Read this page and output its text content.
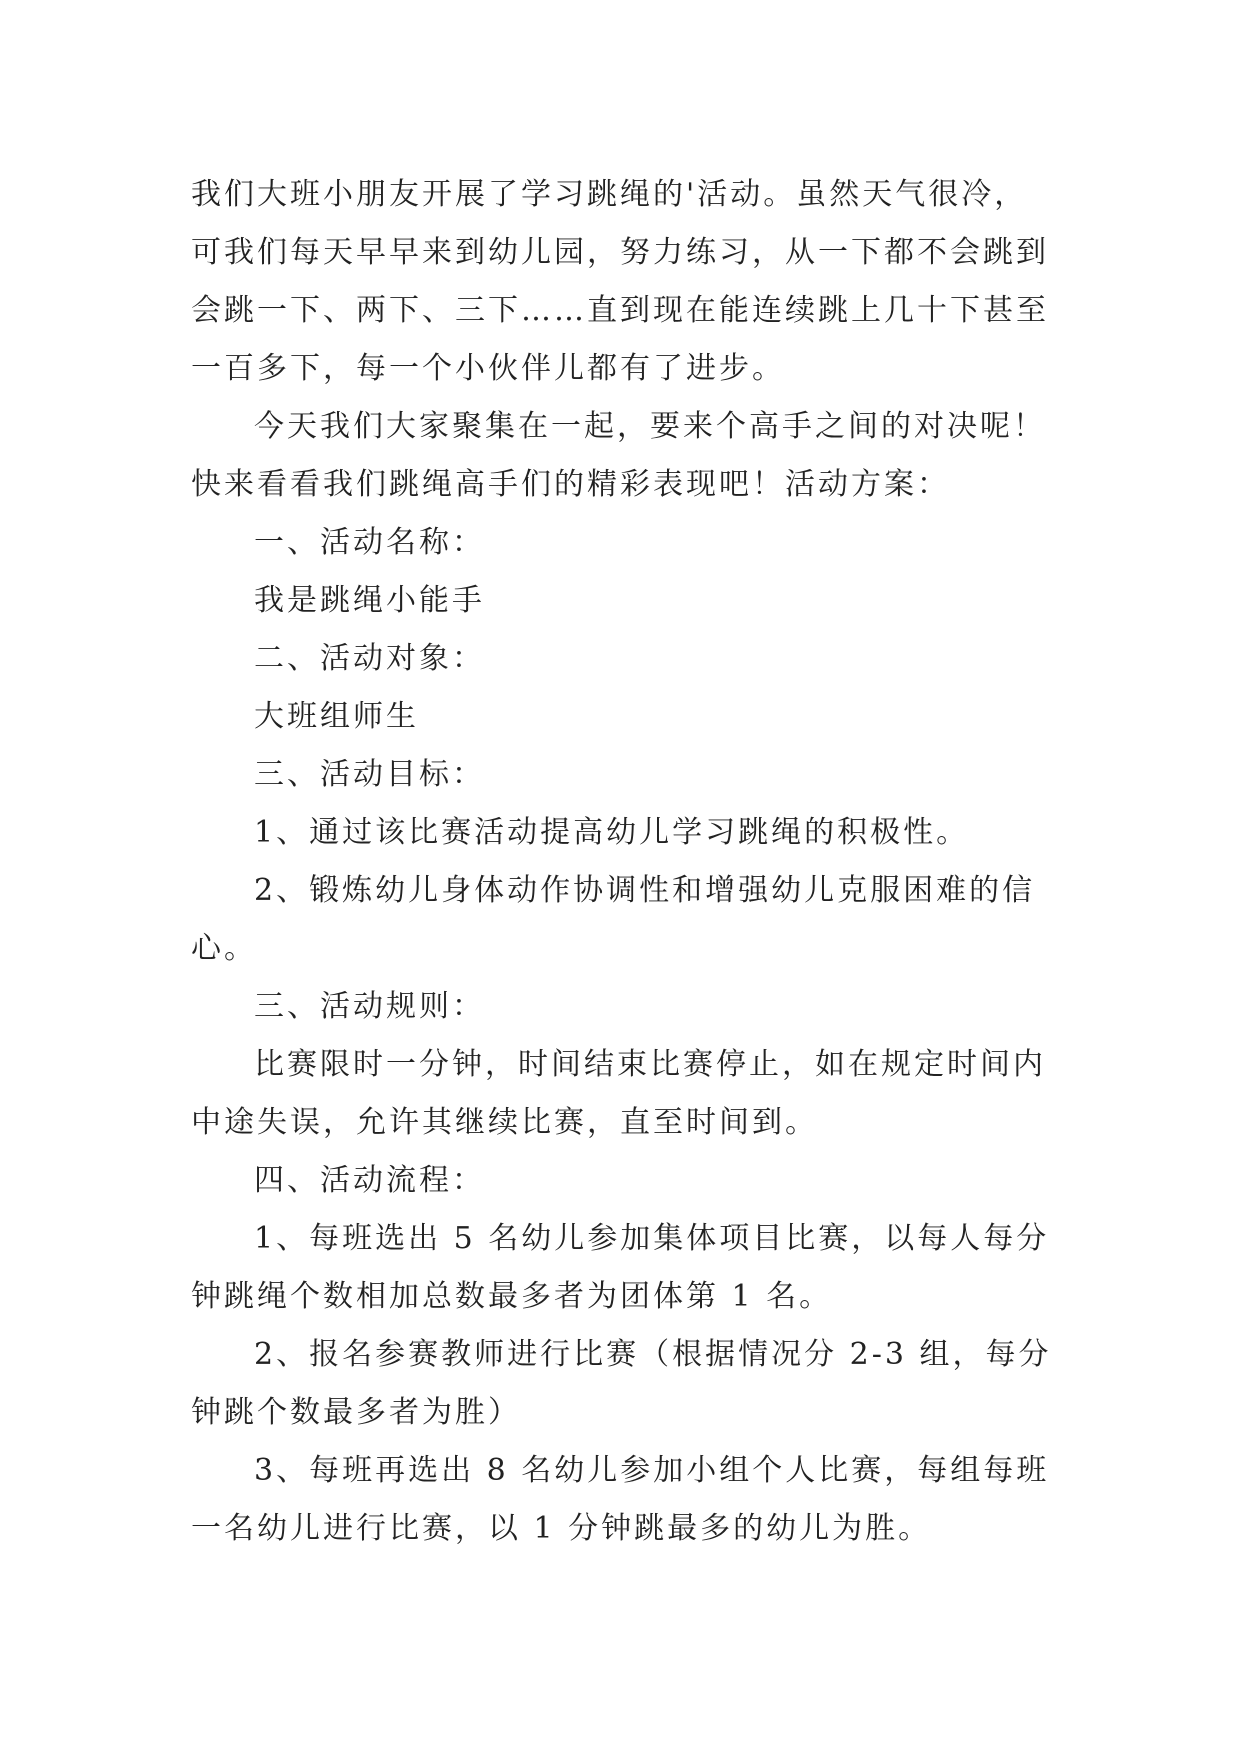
我们大班小朋友开展了学习跳绳的'活动。虽然天气很冷，
可我们每天早早来到幼儿园，努力练习，从一下都不会跳到
会跳一下、两下、三下……直到现在能连续跳上几十下甚至
一百多下，每一个小伙伴儿都有了进步。
今天我们大家聚集在一起，要来个高手之间的对决呢！
快来看看我们跳绳高手们的精彩表现吧！活动方案：
一、活动名称：
我是跳绳小能手
二、活动对象：
大班组师生
三、活动目标：
1、通过该比赛活动提高幼儿学习跳绳的积极性。
2、锻炼幼儿身体动作协调性和增强幼儿克服困难的信
心。
三、活动规则：
比赛限时一分钟，时间结束比赛停止，如在规定时间内
中途失误，允许其继续比赛，直至时间到。
四、活动流程：
1、每班选出 5 名幼儿参加集体项目比赛，以每人每分
钟跳绳个数相加总数最多者为团体第 1 名。
2、报名参赛教师进行比赛（根据情况分 2-3 组，每分
钟跳个数最多者为胜）
3、每班再选出 8 名幼儿参加小组个人比赛，每组每班
一名幼儿进行比赛，以 1 分钟跳最多的幼儿为胜。
